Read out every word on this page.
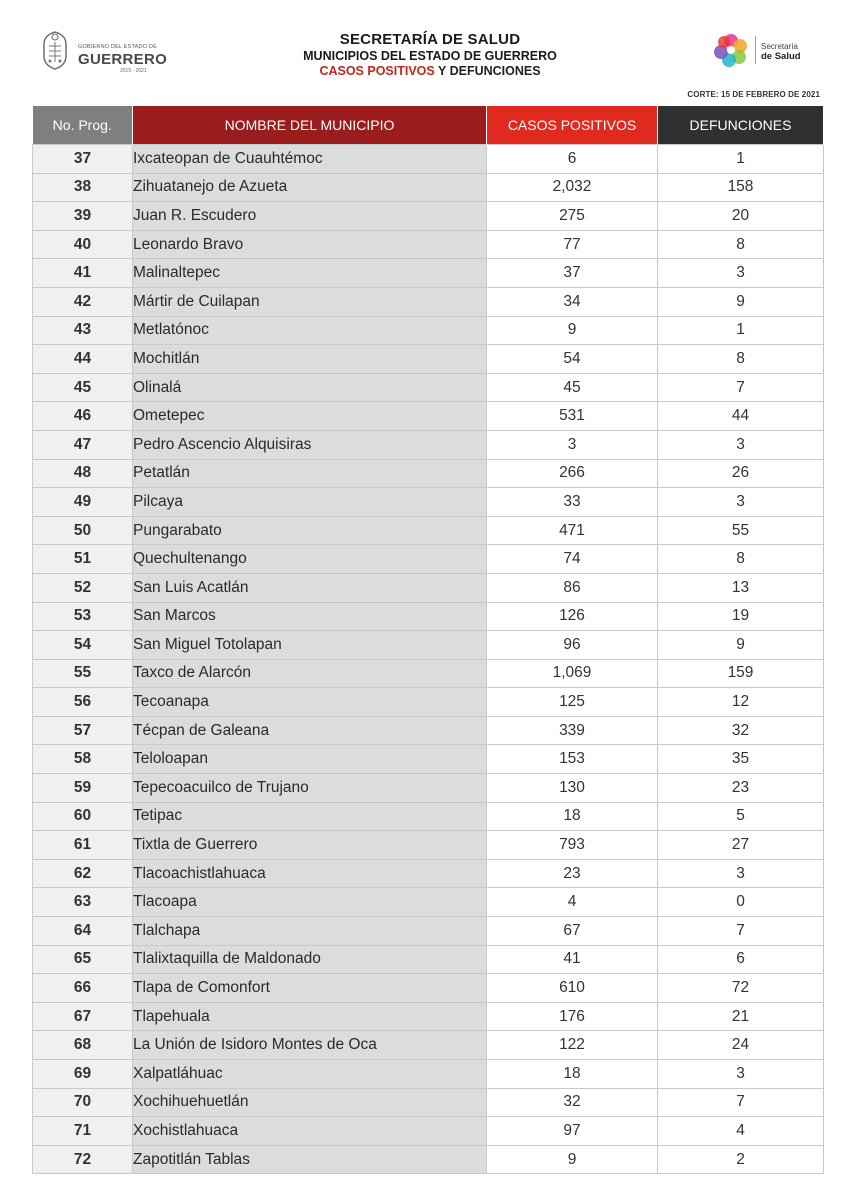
GOBIERNO DEL ESTADO DE
GUERRERO
2015 - 2021
SECRETARÍA DE SALUD
MUNICIPIOS DEL ESTADO DE GUERRERO
CASOS POSITIVOS Y DEFUNCIONES
Secretaría
de Salud
CORTE: 15 DE FEBRERO DE 2021
No. Prog.	NOMBRE DEL MUNICIPIO	CASOS POSITIVOS	DEFUNCIONES
37	Ixcateopan de Cuauhtémoc	6	1
38	Zihuatanejo de Azueta	2,032	158
39	Juan R. Escudero	275	20
40	Leonardo Bravo	77	8
41	Malinaltepec	37	3
42	Mártir de Cuilapan	34	9
43	Metlatónoc	9	1
44	Mochitlán	54	8
45	Olinalá	45	7
46	Ometepec	531	44
47	Pedro Ascencio Alquisiras	3	3
48	Petatlán	266	26
49	Pilcaya	33	3
50	Pungarabato	471	55
51	Quechultenango	74	8
52	San Luis Acatlán	86	13
53	San Marcos	126	19
54	San Miguel Totolapan	96	9
55	Taxco de Alarcón	1,069	159
56	Tecoanapa	125	12
57	Técpan de Galeana	339	32
58	Teloloapan	153	35
59	Tepecoacuilco de Trujano	130	23
60	Tetipac	18	5
61	Tixtla de Guerrero	793	27
62	Tlacoachistlahuaca	23	3
63	Tlacoapa	4	0
64	Tlalchapa	67	7
65	Tlalixtaquilla de Maldonado	41	6
66	Tlapa de Comonfort	610	72
67	Tlapehuala	176	21
68	La Unión de Isidoro Montes de Oca	122	24
69	Xalpatláhuac	18	3
70	Xochihuehuetlán	32	7
71	Xochistlahuaca	97	4
72	Zapotitlán Tablas	9	2
